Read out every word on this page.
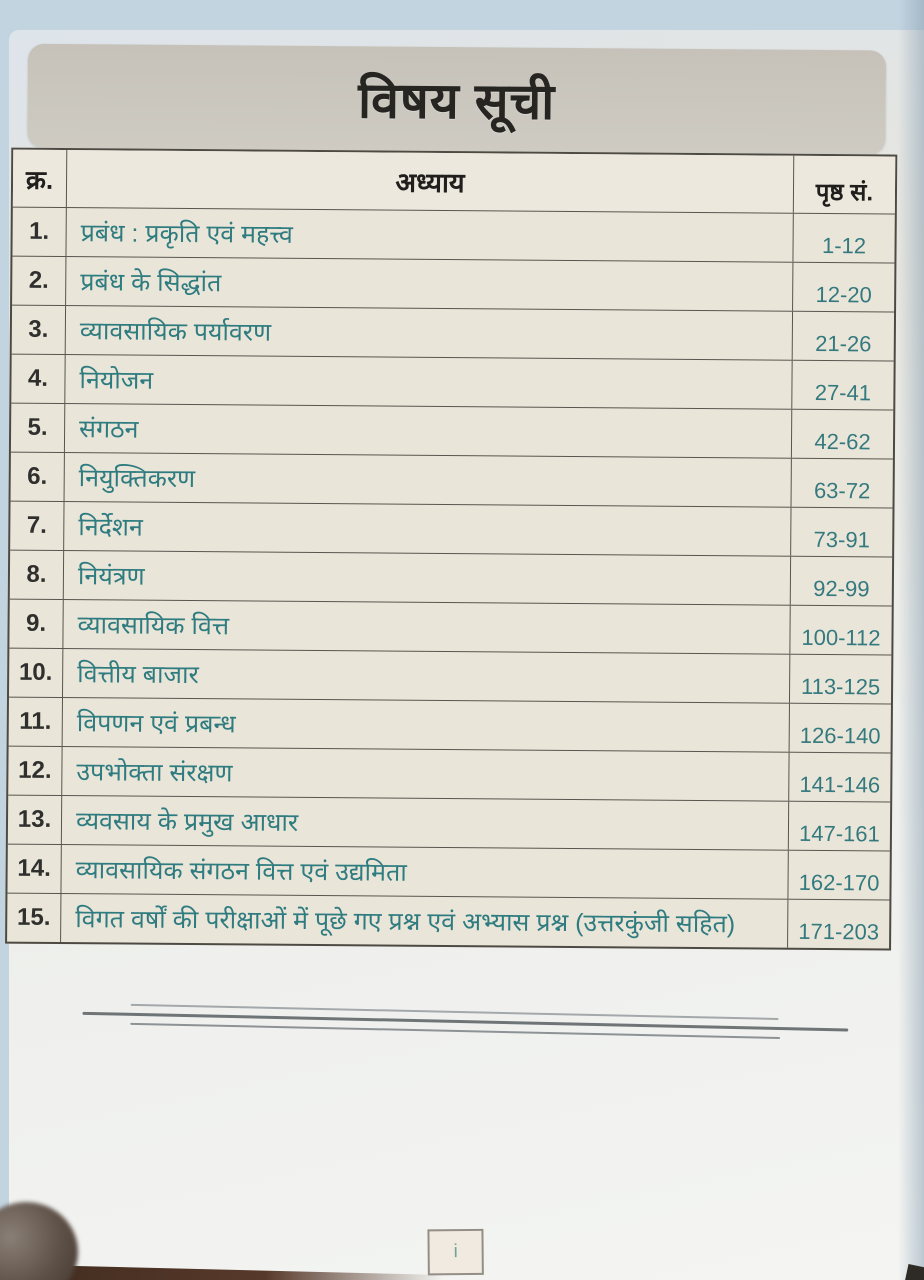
विषय सूची
क्र.	अध्याय	पृष्ठ सं.
1.	प्रबंध : प्रकृति एवं महत्त्व	1-12
2.	प्रबंध के सिद्धांत	12-20
3.	व्यावसायिक पर्यावरण	21-26
4.	नियोजन	27-41
5.	संगठन	42-62
6.	नियुक्तिकरण	63-72
7.	निर्देशन	73-91
8.	नियंत्रण	92-99
9.	व्यावसायिक वित्त	100-112
10. वित्तीय बाजार	113-125
11.	विपणन एवं प्रबन्ध	126-140
12. उपभोक्ता संरक्षण	141-146
13. व्यवसाय के प्रमुख आधार	147-161
14. व्यावसायिक संगठन वित्त एवं उद्यमिता	162-170
15. विगत वर्षों की परीक्षाओं में पूछे गए प्रश्न एवं अभ्यास प्रश्न (उत्तरकुंजी सहित)	171-203
i
